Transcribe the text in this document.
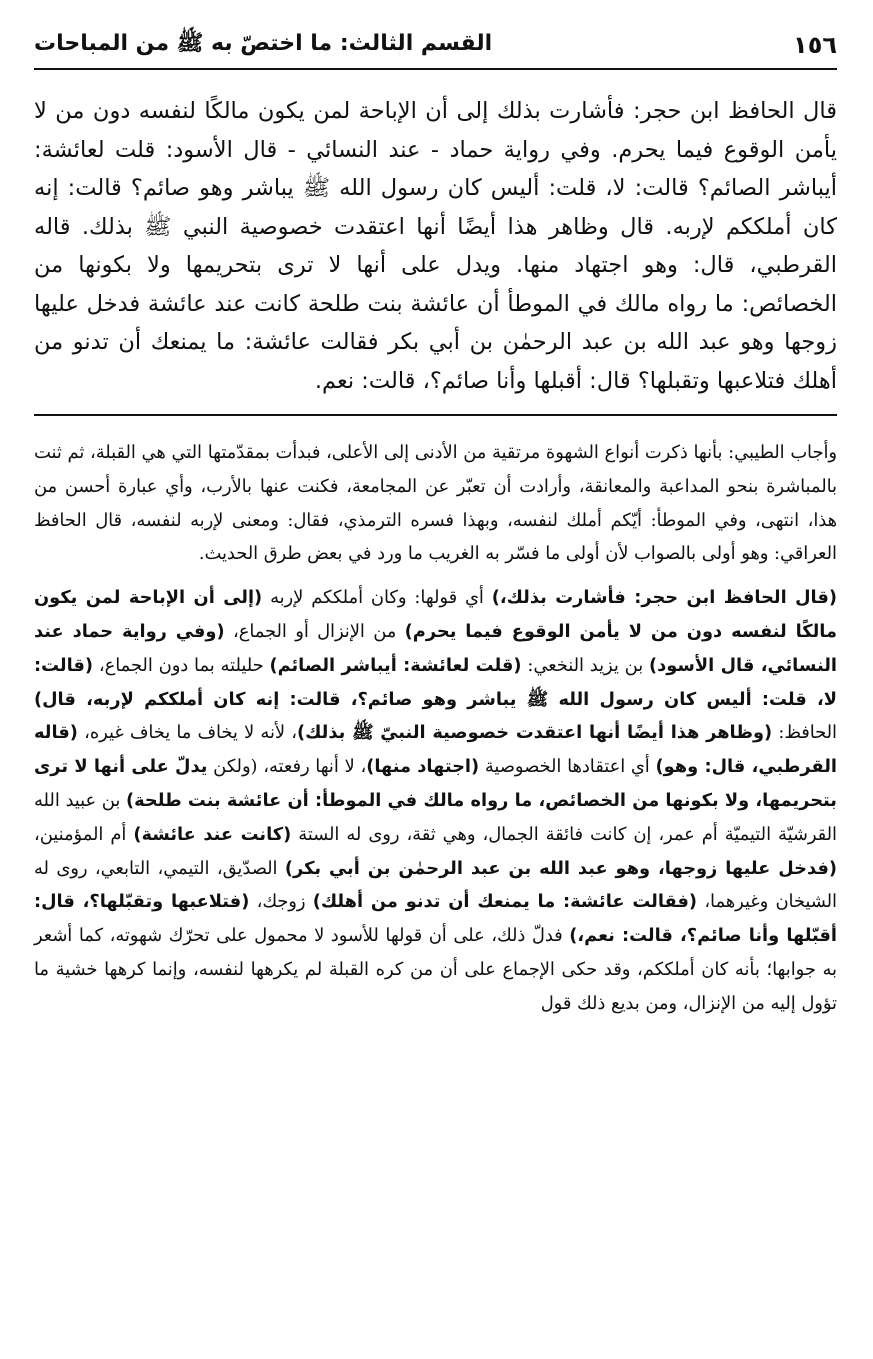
١٥٦
القسم الثالث: ما اختصّ به ﷺ من المباحات
قال الحافظ ابن حجر: فأشارت بذلك إلى أن الإباحة لمن يكون مالكًا لنفسه دون من لا يأمن الوقوع فيما يحرم. وفي رواية حماد - عند النسائي - قال الأسود: قلت لعائشة: أيباشر الصائم؟ قالت: لا، قلت: أليس كان رسول الله ﷺ يباشر وهو صائم؟ قالت: إنه كان أملككم لإربه. قال وظاهر هذا أيضًا أنها اعتقدت خصوصية النبي ﷺ بذلك. قاله القرطبي، قال: وهو اجتهاد منها. ويدل على أنها لا ترى بتحريمها ولا بكونها من الخصائص: ما رواه مالك في الموطأ أن عائشة بنت طلحة كانت عند عائشة فدخل عليها زوجها وهو عبد الله بن عبد الرحمٰن بن أبي بكر فقالت عائشة: ما يمنعك أن تدنو من أهلك فتلاعبها وتقبلها؟ قال: أقبلها وأنا صائم؟، قالت: نعم.

وأجاب الطيبي: بأنها ذكرت أنواع الشهوة مرتقية من الأدنى إلى الأعلى، فبدأت بمقدّمتها التي هي القبلة، ثم ثنت بالمباشرة بنحو المداعبة والمعانقة، وأرادت أن تعبّر عن المجامعة، فكنت عنها بالأرب، وأي عبارة أحسن من هذا، انتهى، وفي الموطأ: أيّكم أملك لنفسه، وبهذا فسره الترمذي، فقال: ومعنى لإربه لنفسه، قال الحافظ العراقي: وهو أولى بالصواب لأن أولى ما فسّر به الغريب ما ورد في بعض طرق الحديث.

(قال الحافظ ابن حجر: فأشارت بذلك،) أي قولها: وكان أملككم لإربه (إلى أن الإباحة لمن يكون مالكًا لنفسه دون من لا يأمن الوقوع فيما يحرم) من الإنزال أو الجماع، (وفي رواية حماد عند النسائي، قال الأسود) بن يزيد النخعي: (قلت لعائشة: أيباشر الصائم) حليلته بما دون الجماع، (قالت: لا، قلت: أليس كان رسول الله ﷺ يباشر وهو صائم؟، قالت: إنه كان أملككم لإربه، قال) الحافظ: (وظاهر هذا أيضًا أنها اعتقدت خصوصية النبيّ ﷺ بذلك)، لأنه لا يخاف ما يخاف غيره، (قاله القرطبي، قال: وهو) أي اعتقادها الخصوصية (اجتهاد منها)، لا أنها رفعته، (ولكن يدلّ على أنها لا ترى بتحريمها، ولا بكونها من الخصائص، ما رواه مالك في الموطأ: أن عائشة بنت طلحة) بن عبيد الله القرشيّة التيميّة أم عمر، إن كانت فائقة الجمال، وهي ثقة، روى له الستة (كانت عند عائشة) أم المؤمنين، (فدخل عليها زوجها، وهو عبد الله بن عبد الرحمٰن بن أبي بكر) الصدّيق، التيمي، التابعي، روى له الشيخان وغيرهما، (فقالت عائشة: ما يمنعك أن تدنو من أهلك) زوجك، (فتلاعبها وتقبّلها؟، قال: أقبّلها وأنا صائم؟، قالت: نعم،) فدلّ ذلك، على أن قولها للأسود لا محمول على تحرّك شهوته، كما أشعر به جوابها؛ بأنه كان أملككم، وقد حكى الإجماع على أن من كره القبلة لم يكرهها لنفسه، وإنما كرهها خشية ما تؤول إليه من الإنزال، ومن بديع ذلك قول
